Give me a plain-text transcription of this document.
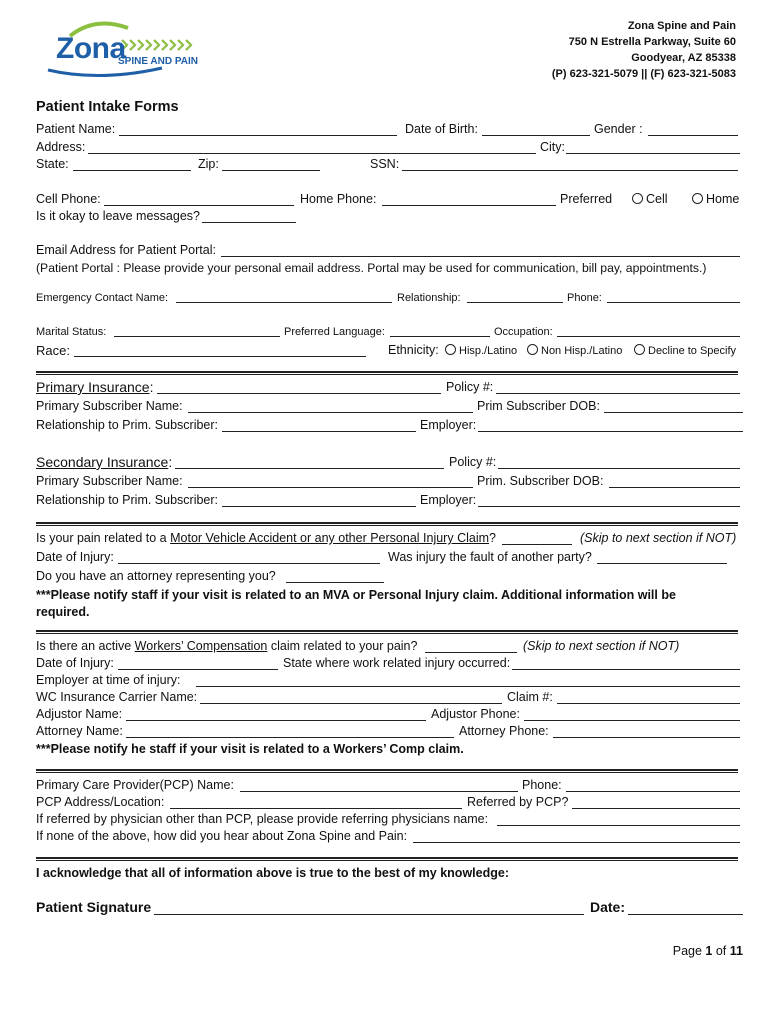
Zona
SPINE AND PAIN
Zona Spine and Pain
750 N Estrella Parkway, Suite 60
Goodyear, AZ 85338
(P) 623-321-5079 || (F) 623-321-5083
Patient Intake Forms
Patient Name:	Date of Birth:	Gender :
Address:	City:
State:	Zip:	SSN:
Cell Phone:	Home Phone:	Preferred	Cell	Home
Is it okay to leave messages?
Email Address for Patient Portal:
(Patient Portal : Please provide your personal email address. Portal may be used for communication, bill pay, appointments.)
Emergency Contact Name:	Relationship:	Phone:
Marital Status:	Preferred Language:	Occupation:
Race:	Ethnicity:	Hisp./Latino	Non Hisp./Latino	Decline to Specify
Primary Insurance:	Policy #:
Primary Subscriber Name:	Prim Subscriber DOB:
Relationship to Prim. Subscriber:	Employer:
Secondary Insurance:	Policy #:
Primary Subscriber Name:	Prim. Subscriber DOB:
Relationship to Prim. Subscriber:	Employer:
Is your pain related to a Motor Vehicle Accident or any other Personal Injury Claim?	(Skip to next section if NOT)
Date of Injury:	Was injury the fault of another party?
Do you have an attorney representing you?
***Please notify staff if your visit is related to an MVA or Personal Injury claim. Additional information will be
required.
Is there an active Workers’ Compensation claim related to your pain?	(Skip to next section if NOT)
Date of Injury:	State where work related injury occurred:
Employer at time of injury:
WC Insurance Carrier Name:	Claim #:
Adjustor Name:	Adjustor Phone:
Attorney Name:	Attorney Phone:
***Please notify he staff if your visit is related to a Workers’ Comp claim.
Primary Care Provider(PCP) Name:	Phone:
PCP Address/Location:	Referred by PCP?
If referred by physician other than PCP, please provide referring physicians name:
If none of the above, how did you hear about Zona Spine and Pain:
I acknowledge that all of information above is true to the best of my knowledge:
Patient Signature	Date:
Page 1 of 11
